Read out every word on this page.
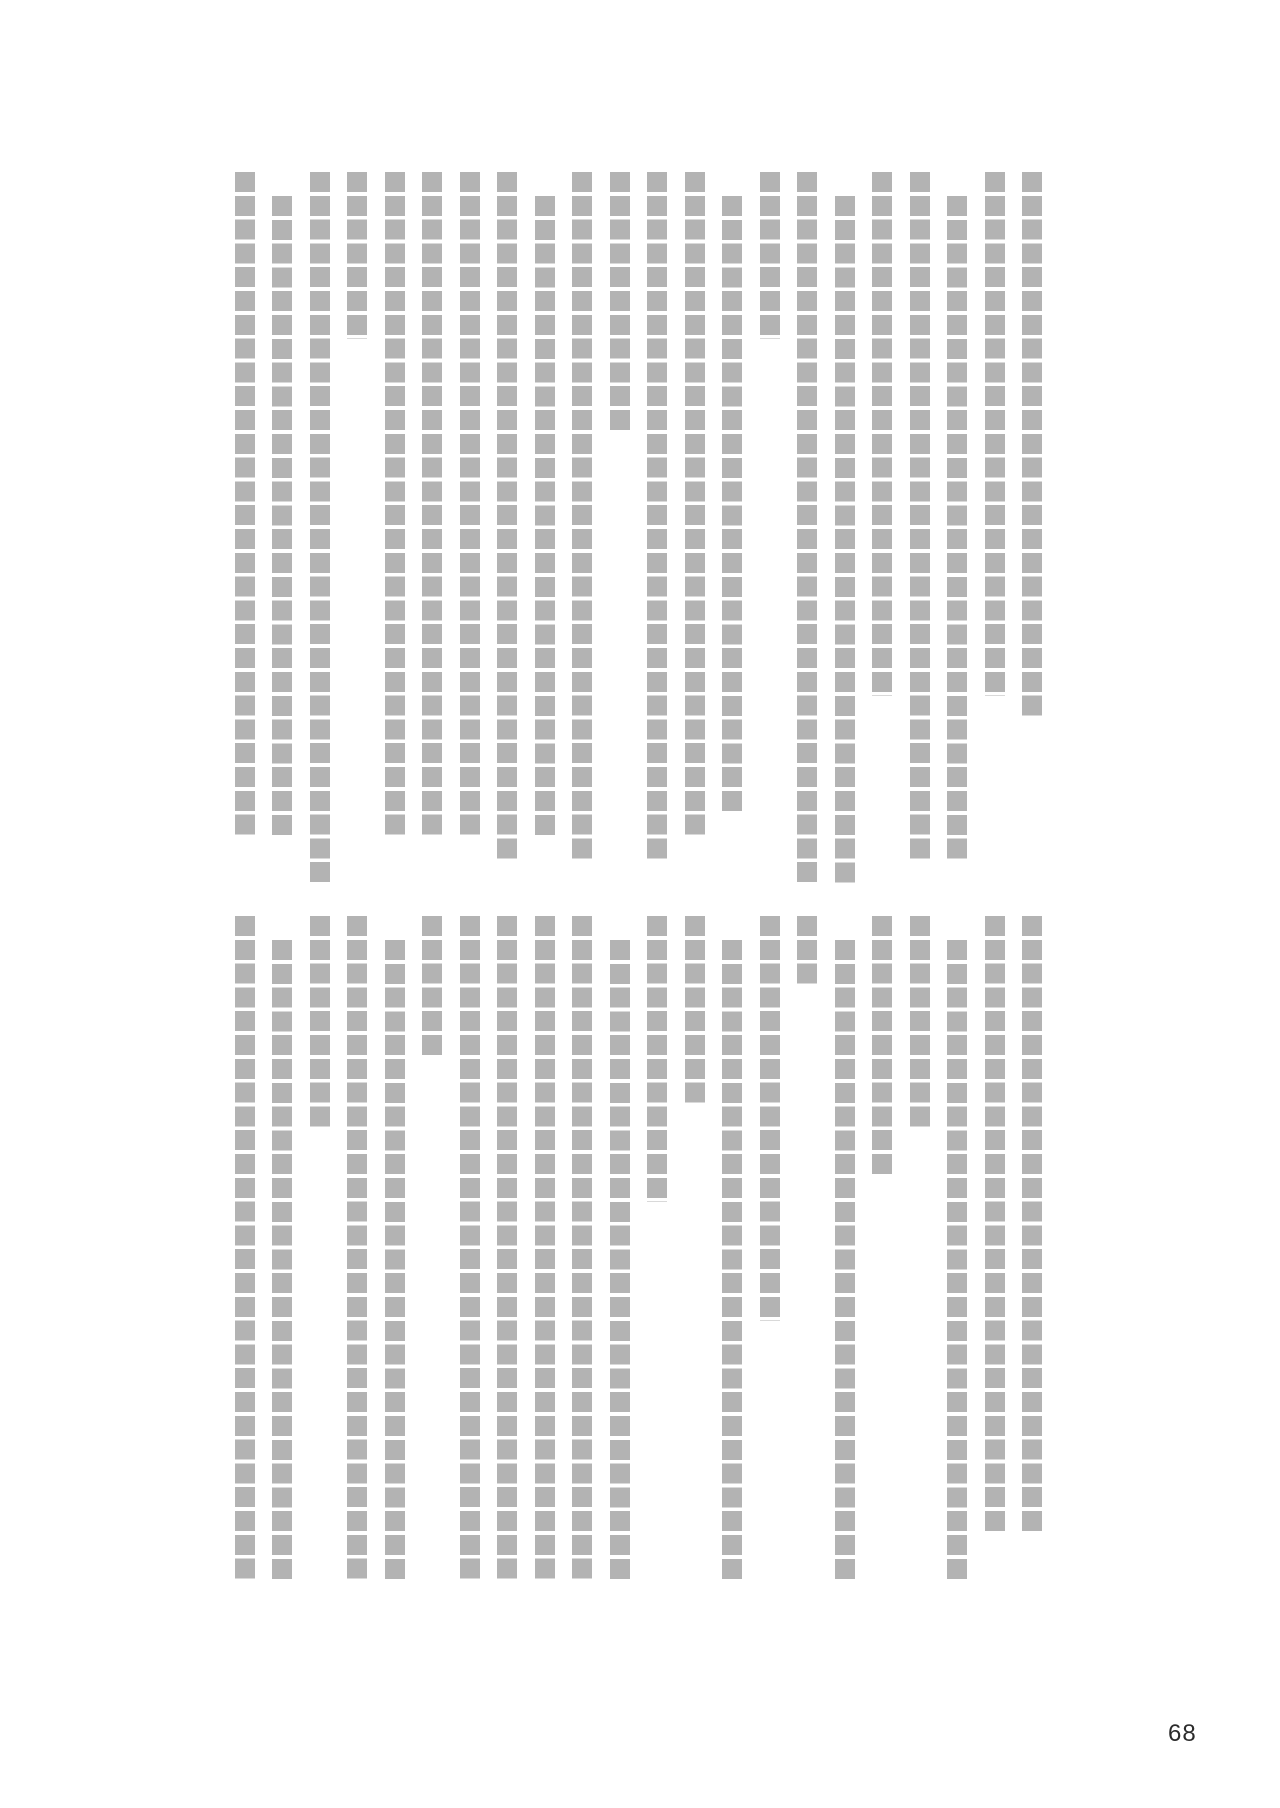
68
